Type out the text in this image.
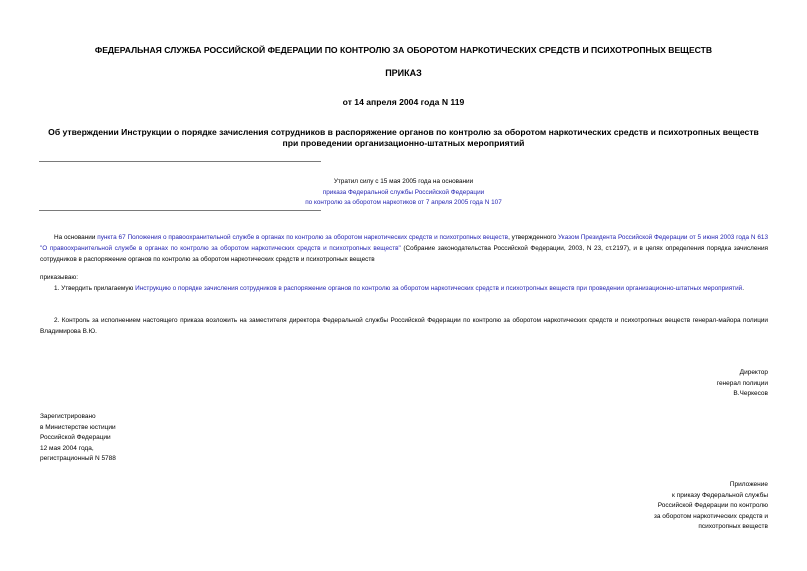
ФЕДЕРАЛЬНАЯ СЛУЖБА РОССИЙСКОЙ ФЕДЕРАЦИИ ПО КОНТРОЛЮ ЗА ОБОРОТОМ НАРКОТИЧЕСКИХ СРЕДСТВ И ПСИХОТРОПНЫХ ВЕЩЕСТВ
ПРИКАЗ
от 14 апреля 2004 года N 119
Об утверждении Инструкции о порядке зачисления сотрудников в распоряжение органов по контролю за оборотом наркотических средств и психотропных веществ при проведении организационно-штатных мероприятий
Утратил силу с 15 мая 2005 года на основании
приказа Федеральной службы Российской Федерации
по контролю за оборотом наркотиков от 7 апреля 2005 года N 107
На основании пункта 67 Положения о правоохранительной службе в органах по контролю за оборотом наркотических средств и психотропных веществ, утвержденного Указом Президента Российской Федерации от 5 июня 2003 года N 613 "О правоохранительной службе в органах по контролю за оборотом наркотических средств и психотропных веществ" (Собрание законодательства Российской Федерации, 2003, N 23, ст.2197), и в целях определения порядка зачисления сотрудников в распоряжение органов по контролю за оборотом наркотических средств и психотропных веществ
приказываю:
1. Утвердить прилагаемую Инструкцию о порядке зачисления сотрудников в распоряжение органов по контролю за оборотом наркотических средств и психотропных веществ при проведении организационно-штатных мероприятий.
2. Контроль за исполнением настоящего приказа возложить на заместителя директора Федеральной службы Российской Федерации по контролю за оборотом наркотических средств и психотропных веществ генерал-майора полиции Владимирова В.Ю.
Директор
генерал полиции
В.Черкесов
Зарегистрировано
в Министерстве юстиции
Российской Федерации
12 мая 2004 года,
регистрационный N 5788
Приложение
к приказу Федеральной службы
Российской Федерации по контролю
за оборотом наркотических средств и
психотропных веществ
